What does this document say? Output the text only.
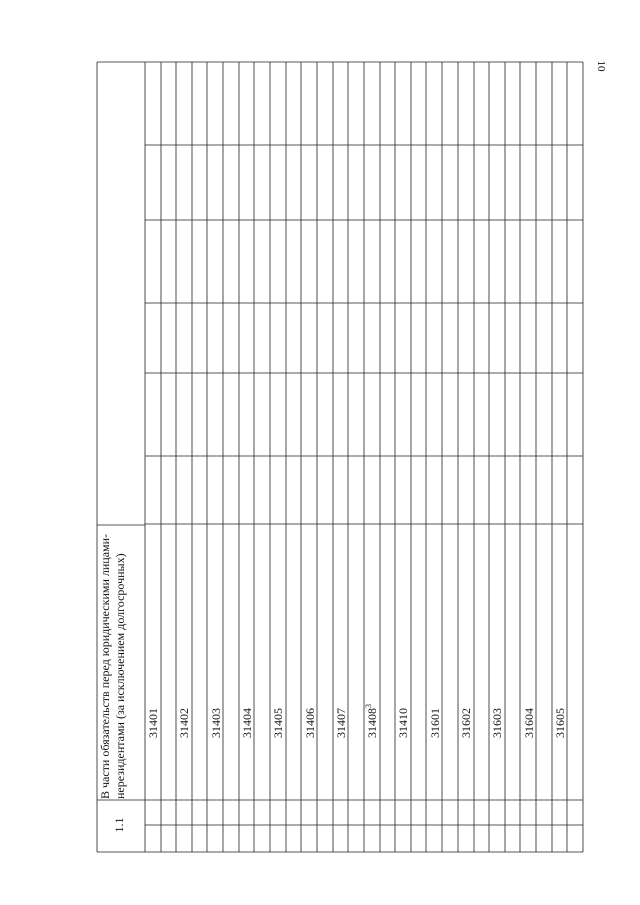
10
1.1
В части обязательств перед юридическими лицами-нерезидентами (за исключением долгосрочных)	31401 31402 31403 31404 31405 31406 31407 31408$^3$
31410 31601 31602 31603 31604 31605
